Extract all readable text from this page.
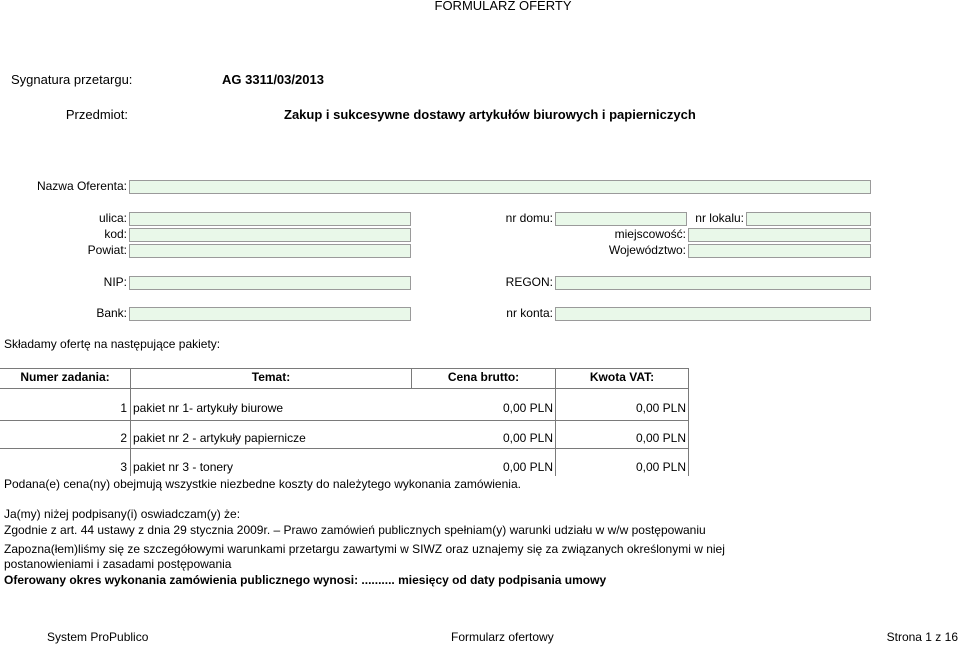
FORMULARZ OFERTY
Sygnatura przetargu:	AG 3311/03/2013
Przedmiot:	Zakup i sukcesywne dostawy artykułów biurowych i papierniczych
Nazwa Oferenta:
ulica:	nr domu:	nr lokalu:
kod:	miejscowość:
Powiat:	Województwo:
NIP:	REGON:
Bank:	nr konta:
Składamy ofertę na następujące pakiety:
Numer zadania:	Temat:	Cena brutto:	Kwota VAT:
1 pakiet nr 1- artykuły biurowe	0,00 PLN	0,00 PLN
2 pakiet nr 2 - artykuły papiernicze	0,00 PLN	0,00 PLN
3 pakiet nr 3 - tonery	0,00 PLN	0,00 PLN
Podana(e) cena(ny) obejmują wszystkie niezbedne koszty do należytego wykonania zamówienia.
Ja(my) niżej podpisany(i) oswiadczam(y) że:
Zgodnie z art. 44 ustawy z dnia 29 stycznia 2009r. – Prawo zamówień publicznych spełniam(y) warunki udziału w w/w postępowaniu
Zapozna(łem)liśmy się ze szczegółowymi warunkami przetargu zawartymi w SIWZ oraz uznajemy się za związanych określonymi w niej
postanowieniami i zasadami postępowania
Oferowany okres wykonania zamówienia publicznego wynosi: .......... miesięcy od daty podpisania umowy
System ProPublico	Formularz ofertowy	Strona 1 z 16
